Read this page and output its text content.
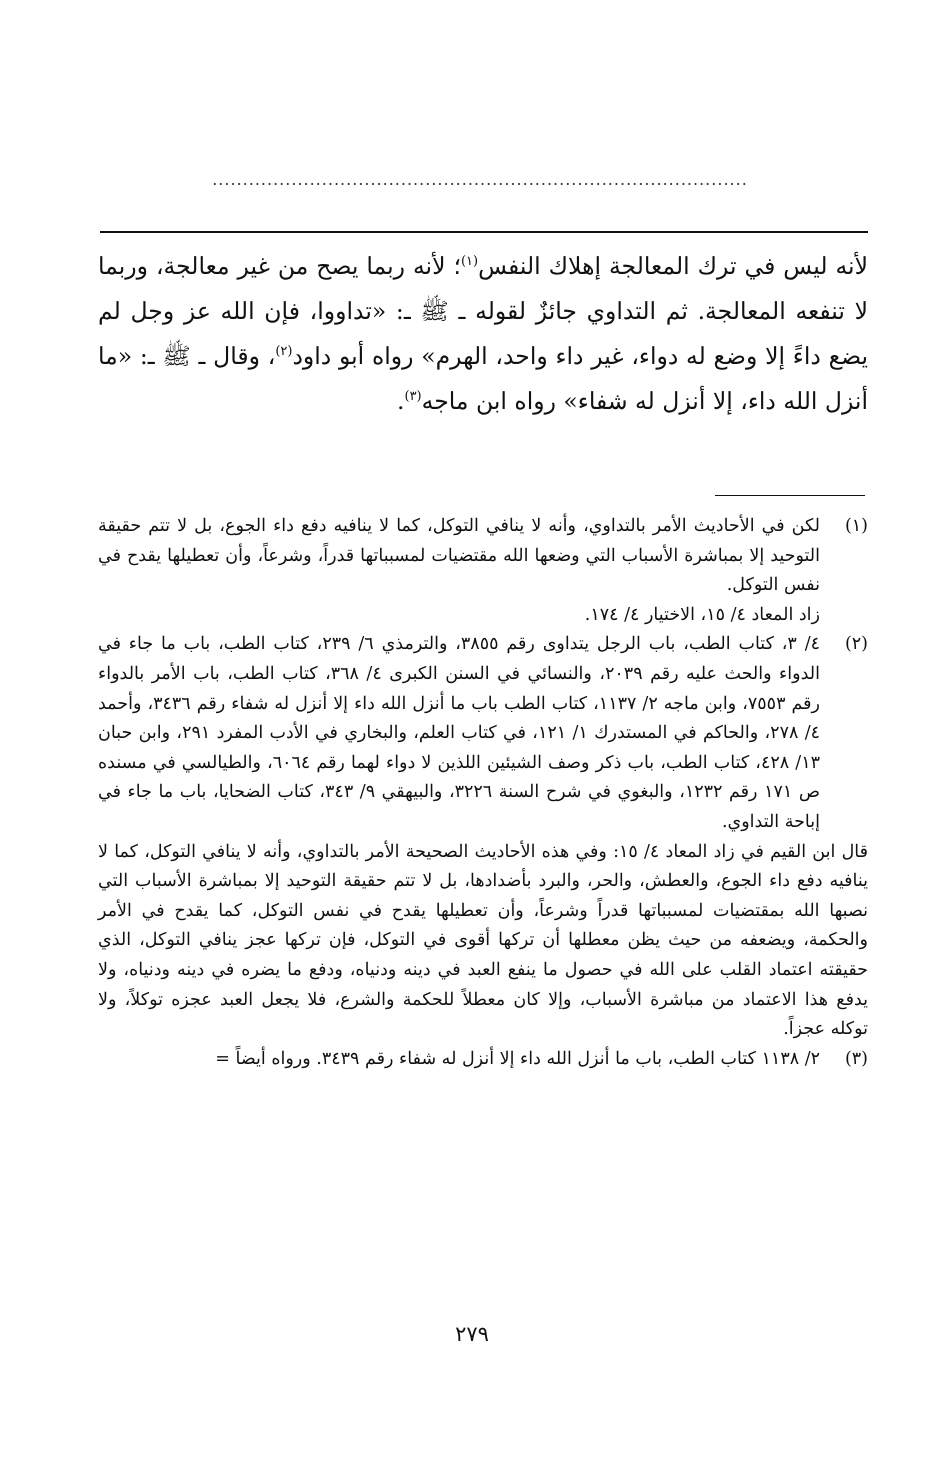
........................................................................................

لأنه ليس في ترك المعالجة إهلاك النفس$^{(١)}$؛ لأنه ربما يصح من غير معالجة، وربما لا تنفعه المعالجة. ثم التداوي جائزٌ لقوله ـ ﷺ ـ: «تداووا، فإن الله عز وجل لم يضع داءً إلا وضع له دواء، غير داء واحد، الهرم» رواه أبو داود$^{(٢)}$، وقال ـ ﷺ ـ: «ما أنزل الله داء، إلا أنزل له شفاء» رواه ابن ماجه$^{(٣)}$.

(١)

لكن في الأحاديث الأمر بالتداوي، وأنه لا ينافي التوكل، كما لا ينافيه دفع داء الجوع، بل لا تتم حقيقة التوحيد إلا بمباشرة الأسباب التي وضعها الله مقتضيات لمسبباتها قدراً، وشرعاً، وأن تعطيلها يقدح في نفس التوكل.

زاد المعاد ٤/ ١٥، الاختيار ٤/ ١٧٤.

(٢)

٤/ ٣، كتاب الطب، باب الرجل يتداوى رقم ٣٨٥٥، والترمذي ٦/ ٢٣٩، كتاب الطب، باب ما جاء في الدواء والحث عليه رقم ٢٠٣٩، والنسائي في السنن الكبرى ٤/ ٣٦٨، كتاب الطب، باب الأمر بالدواء رقم ٧٥٥٣، وابن ماجه ٢/ ١١٣٧، كتاب الطب باب ما أنزل الله داء إلا أنزل له شفاء رقم ٣٤٣٦، وأحمد ٤/ ٢٧٨، والحاكم في المستدرك ١/ ١٢١، في كتاب العلم، والبخاري في الأدب المفرد ٢٩١، وابن حبان ١٣/ ٤٢٨، كتاب الطب، باب ذكر وصف الشيئين اللذين لا دواء لهما رقم ٦٠٦٤، والطيالسي في مسنده ص ١٧١ رقم ١٢٣٢، والبغوي في شرح السنة ٣٢٢٦، والبيهقي ٩/ ٣٤٣، كتاب الضحايا، باب ما جاء في إباحة التداوي.

قال ابن القيم في زاد المعاد ٤/ ١٥: وفي هذه الأحاديث الصحيحة الأمر بالتداوي، وأنه لا ينافي التوكل، كما لا ينافيه دفع داء الجوع، والعطش، والحر، والبرد بأضدادها، بل لا تتم حقيقة التوحيد إلا بمباشرة الأسباب التي نصبها الله بمقتضيات لمسبباتها قدراً وشرعاً، وأن تعطيلها يقدح في نفس التوكل، كما يقدح في الأمر والحكمة، ويضعفه من حيث يظن معطلها أن تركها أقوى في التوكل، فإن تركها عجز ينافي التوكل، الذي حقيقته اعتماد القلب على الله في حصول ما ينفع العبد في دينه ودنياه، ودفع ما يضره في دينه ودنياه، ولا يدفع هذا الاعتماد من مباشرة الأسباب، وإلا كان معطلاً للحكمة والشرع، فلا يجعل العبد عجزه توكلاً، ولا توكله عجزاً.

(٣)

٢/ ١١٣٨ كتاب الطب، باب ما أنزل الله داء إلا أنزل له شفاء رقم ٣٤٣٩. ورواه أيضاً =

٢٧٩
